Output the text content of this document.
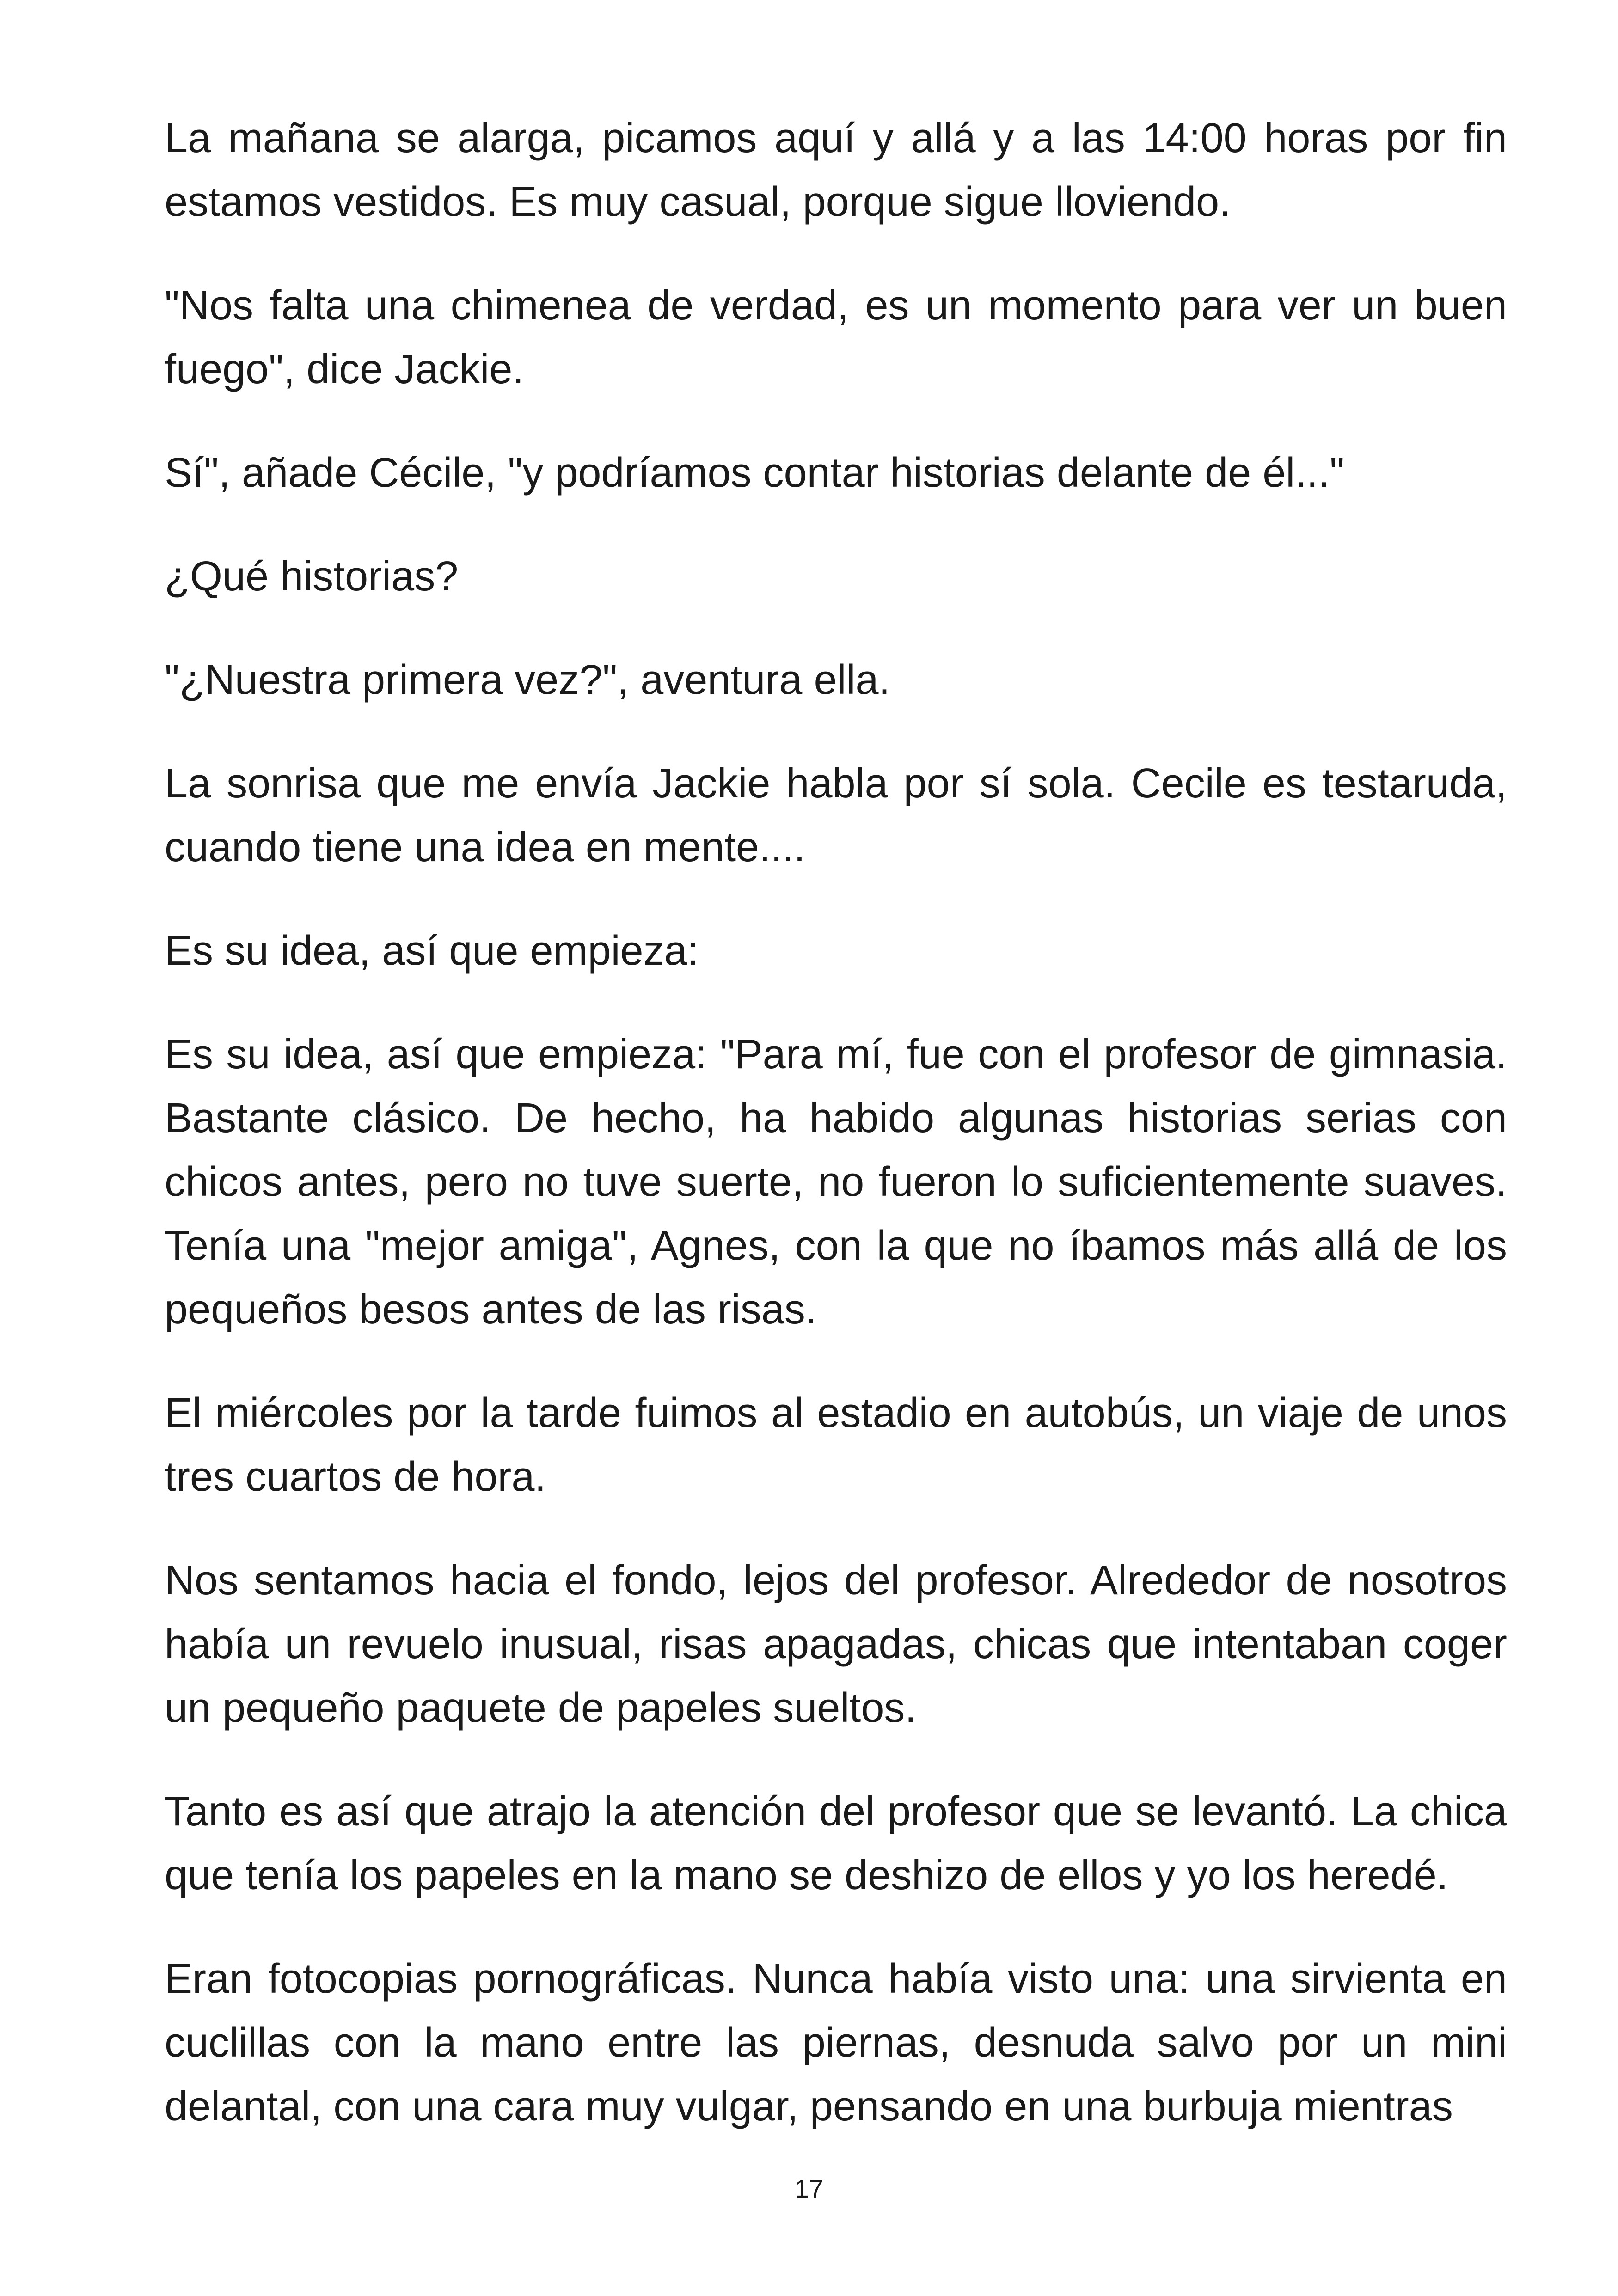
La mañana se alarga, picamos aquí y allá y a las 14:00 horas por fin estamos vestidos. Es muy casual, porque sigue lloviendo.

"Nos falta una chimenea de verdad, es un momento para ver un buen fuego", dice Jackie.

Sí", añade Cécile, "y podríamos contar historias delante de él..."

¿Qué historias?

"¿Nuestra primera vez?", aventura ella.

La sonrisa que me envía Jackie habla por sí sola. Cecile es testaruda, cuando tiene una idea en mente....

Es su idea, así que empieza:

Es su idea, así que empieza: "Para mí, fue con el profesor de gimnasia. Bastante clásico. De hecho, ha habido algunas historias serias con chicos antes, pero no tuve suerte, no fueron lo suficientemente suaves. Tenía una "mejor amiga", Agnes, con la que no íbamos más allá de los pequeños besos antes de las risas.

El miércoles por la tarde fuimos al estadio en autobús, un viaje de unos tres cuartos de hora.

Nos sentamos hacia el fondo, lejos del profesor. Alrededor de nosotros había un revuelo inusual, risas apagadas, chicas que intentaban coger un pequeño paquete de papeles sueltos.

Tanto es así que atrajo la atención del profesor que se levantó. La chica que tenía los papeles en la mano se deshizo de ellos y yo los heredé.

Eran fotocopias pornográficas. Nunca había visto una: una sirvienta en cuclillas con la mano entre las piernas, desnuda salvo por un mini delantal, con una cara muy vulgar, pensando en una burbuja mientras

17
